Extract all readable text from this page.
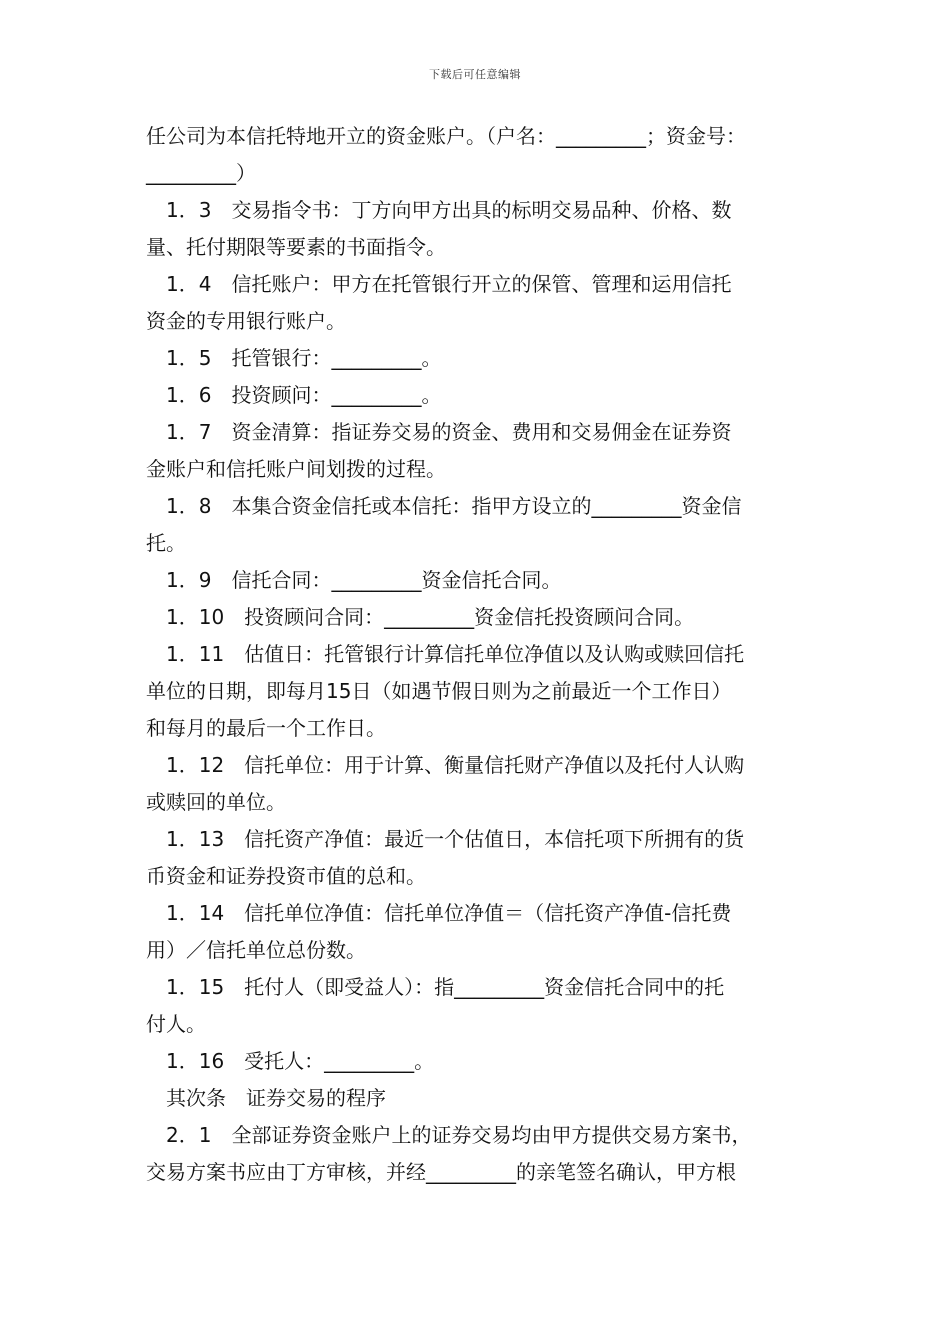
下载后可任意编辑
任公司为本信托特地开立的资金账户。（户名：_________；资金号：
_________）
1．3　交易指令书：丁方向甲方出具的标明交易品种、价格、数
量、托付期限等要素的书面指令。
1．4　信托账户：甲方在托管银行开立的保管、管理和运用信托
资金的专用银行账户。
1．5　托管银行：_________。
1．6　投资顾问：_________。
1．7　资金清算：指证券交易的资金、费用和交易佣金在证券资
金账户和信托账户间划拨的过程。
1．8　本集合资金信托或本信托：指甲方设立的_________资金信
托。
1．9　信托合同：_________资金信托合同。
1．10　投资顾问合同：_________资金信托投资顾问合同。
1．11　估值日：托管银行计算信托单位净值以及认购或赎回信托
单位的日期，即每月15日（如遇节假日则为之前最近一个工作日）
和每月的最后一个工作日。
1．12　信托单位：用于计算、衡量信托财产净值以及托付人认购
或赎回的单位。
1．13　信托资产净值：最近一个估值日，本信托项下所拥有的货
币资金和证券投资市值的总和。
1．14　信托单位净值：信托单位净值＝（信托资产净值-信托费
用）／信托单位总份数。
1．15　托付人（即受益人）：指_________资金信托合同中的托
付人。
1．16　受托人：_________。
其次条　证券交易的程序
2．1　全部证券资金账户上的证券交易均由甲方提供交易方案书，
交易方案书应由丁方审核，并经_________的亲笔签名确认，甲方根
